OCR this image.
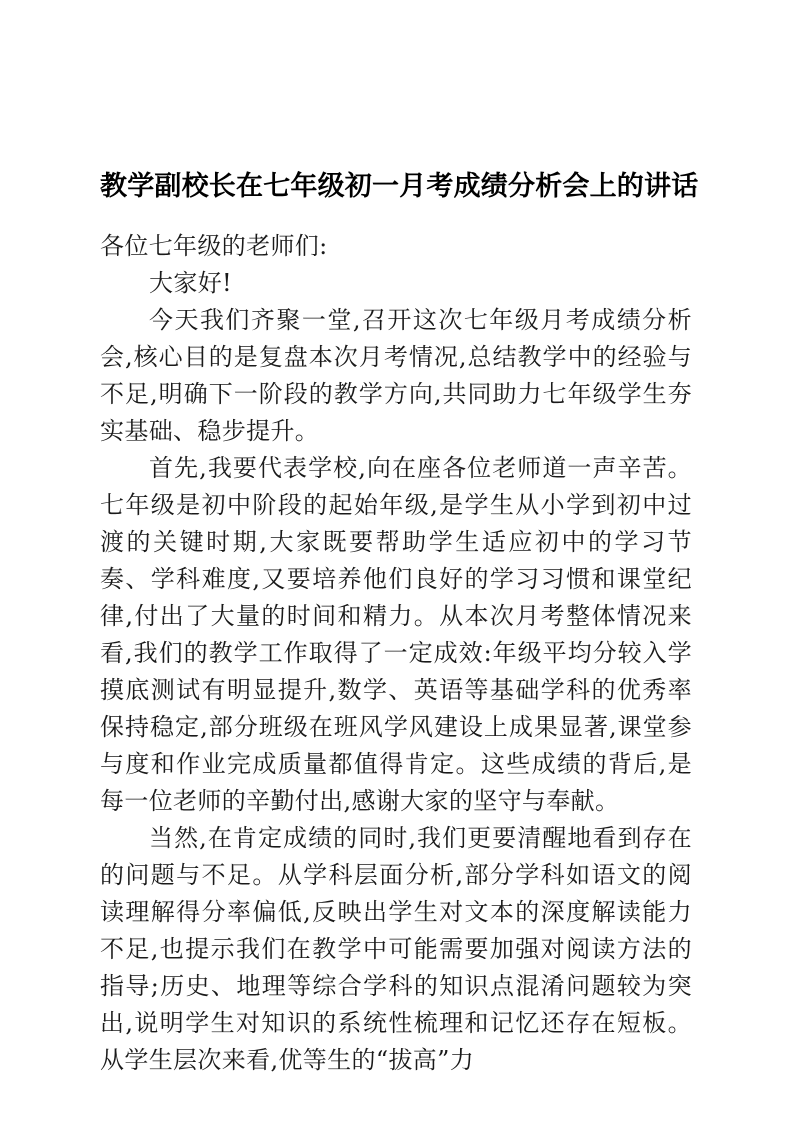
教学副校长在七年级初一月考成绩分析会上的讲话

各位七年级的老师们:

大家好!

今天我们齐聚一堂,召开这次七年级月考成绩分析会,核心目的是复盘本次月考情况,总结教学中的经验与不足,明确下一阶段的教学方向,共同助力七年级学生夯实基础、稳步提升。

首先,我要代表学校,向在座各位老师道一声辛苦。七年级是初中阶段的起始年级,是学生从小学到初中过渡的关键时期,大家既要帮助学生适应初中的学习节奏、学科难度,又要培养他们良好的学习习惯和课堂纪律,付出了大量的时间和精力。从本次月考整体情况来看,我们的教学工作取得了一定成效:年级平均分较入学摸底测试有明显提升,数学、英语等基础学科的优秀率保持稳定,部分班级在班风学风建设上成果显著,课堂参与度和作业完成质量都值得肯定。这些成绩的背后,是每一位老师的辛勤付出,感谢大家的坚守与奉献。

当然,在肯定成绩的同时,我们更要清醒地看到存在的问题与不足。从学科层面分析,部分学科如语文的阅读理解得分率偏低,反映出学生对文本的深度解读能力不足,也提示我们在教学中可能需要加强对阅读方法的指导;历史、地理等综合学科的知识点混淆问题较为突出,说明学生对知识的系统性梳理和记忆还存在短板。从学生层次来看,优等生的“拔高”力
